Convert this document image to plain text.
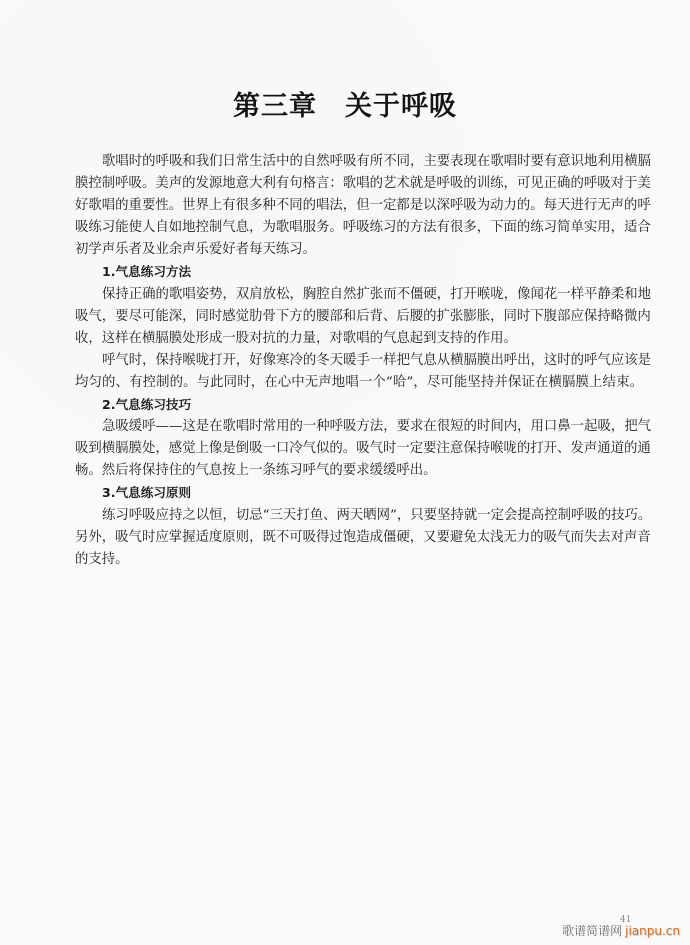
第三章　关于呼吸
歌唱时的呼吸和我们日常生活中的自然呼吸有所不同，主要表现在歌唱时要有意识地利用横膈
膜控制呼吸。美声的发源地意大利有句格言：歌唱的艺术就是呼吸的训练，可见正确的呼吸对于美
好歌唱的重要性。世界上有很多种不同的唱法，但一定都是以深呼吸为动力的。每天进行无声的呼
吸练习能使人自如地控制气息，为歌唱服务。呼吸练习的方法有很多，下面的练习简单实用，适合
初学声乐者及业余声乐爱好者每天练习。
1.气息练习方法
保持正确的歌唱姿势，双肩放松，胸腔自然扩张而不僵硬，打开喉咙，像闻花一样平静柔和地
吸气，要尽可能深，同时感觉肋骨下方的腰部和后背、后腰的扩张膨胀，同时下腹部应保持略微内
收，这样在横膈膜处形成一股对抗的力量，对歌唱的气息起到支持的作用。
呼气时，保持喉咙打开，好像寒冷的冬天暖手一样把气息从横膈膜出呼出，这时的呼气应该是
均匀的、有控制的。与此同时，在心中无声地唱一个“哈”，尽可能坚持并保证在横膈膜上结束。
2.气息练习技巧
急吸缓呼——这是在歌唱时常用的一种呼吸方法，要求在很短的时间内，用口鼻一起吸，把气
吸到横膈膜处，感觉上像是倒吸一口冷气似的。吸气时一定要注意保持喉咙的打开、发声通道的通
畅。然后将保持住的气息按上一条练习呼气的要求缓缓呼出。
3.气息练习原则
练习呼吸应持之以恒，切忌“三天打鱼、两天晒网”，只要坚持就一定会提高控制呼吸的技巧。
另外，吸气时应掌握适度原则，既不可吸得过饱造成僵硬，又要避免太浅无力的吸气而失去对声音
的支持。
41
歌谱简谱网 jianpu.cn
